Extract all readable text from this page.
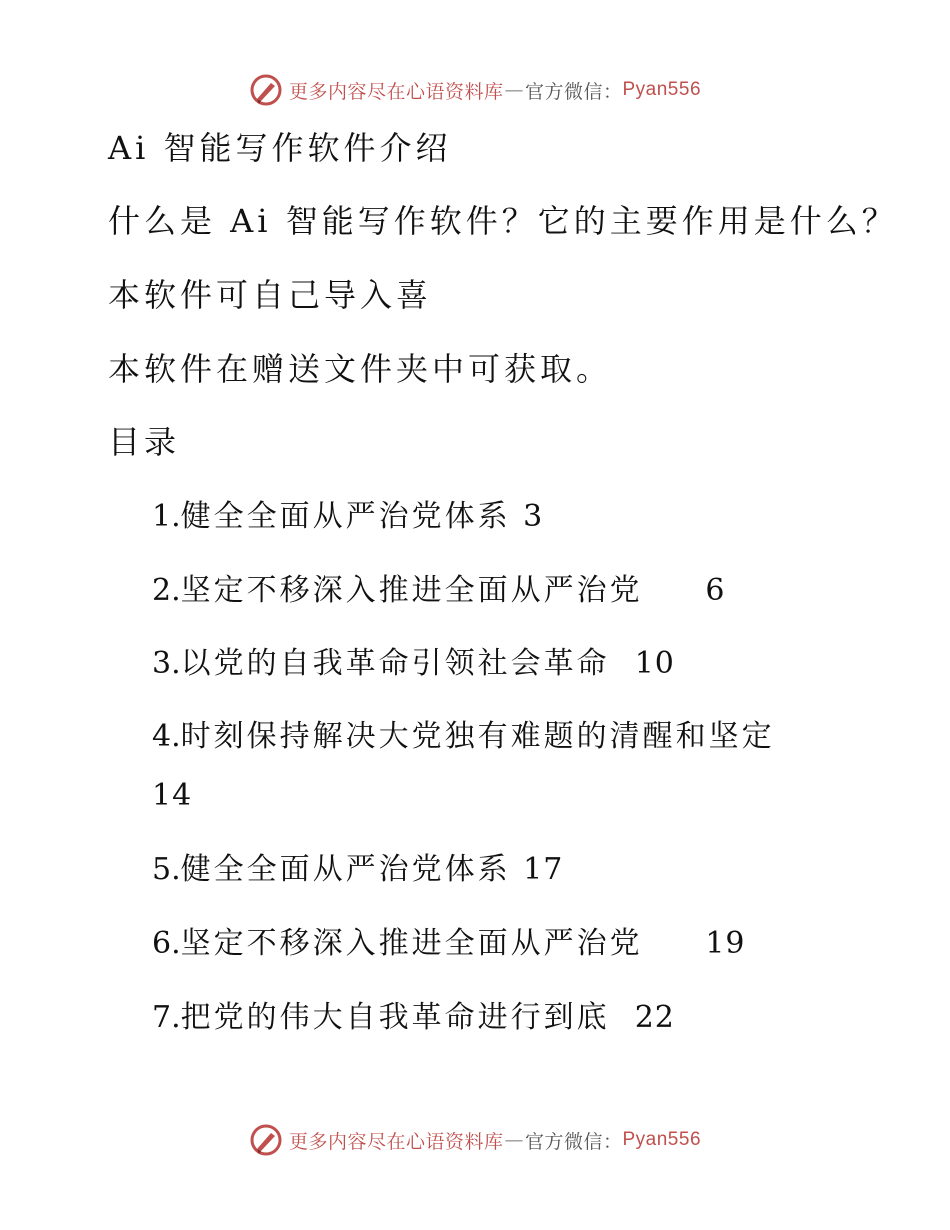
更多内容尽在心语资料库 — 官方微信： Pyan556
Ai 智能写作软件介绍
什么是 Ai 智能写作软件？它的主要作用是什么？
本软件可自己导入喜
本软件在赠送文件夹中可获取。
目录
1.健全全面从严治党体系 3
2.坚定不移深入推进全面从严治党 6
3.以党的自我革命引领社会革命 10
4.时刻保持解决大党独有难题的清醒和坚定
14
5.健全全面从严治党体系 17
6.坚定不移深入推进全面从严治党 19
7.把党的伟大自我革命进行到底 22
更多内容尽在心语资料库 — 官方微信： Pyan556
